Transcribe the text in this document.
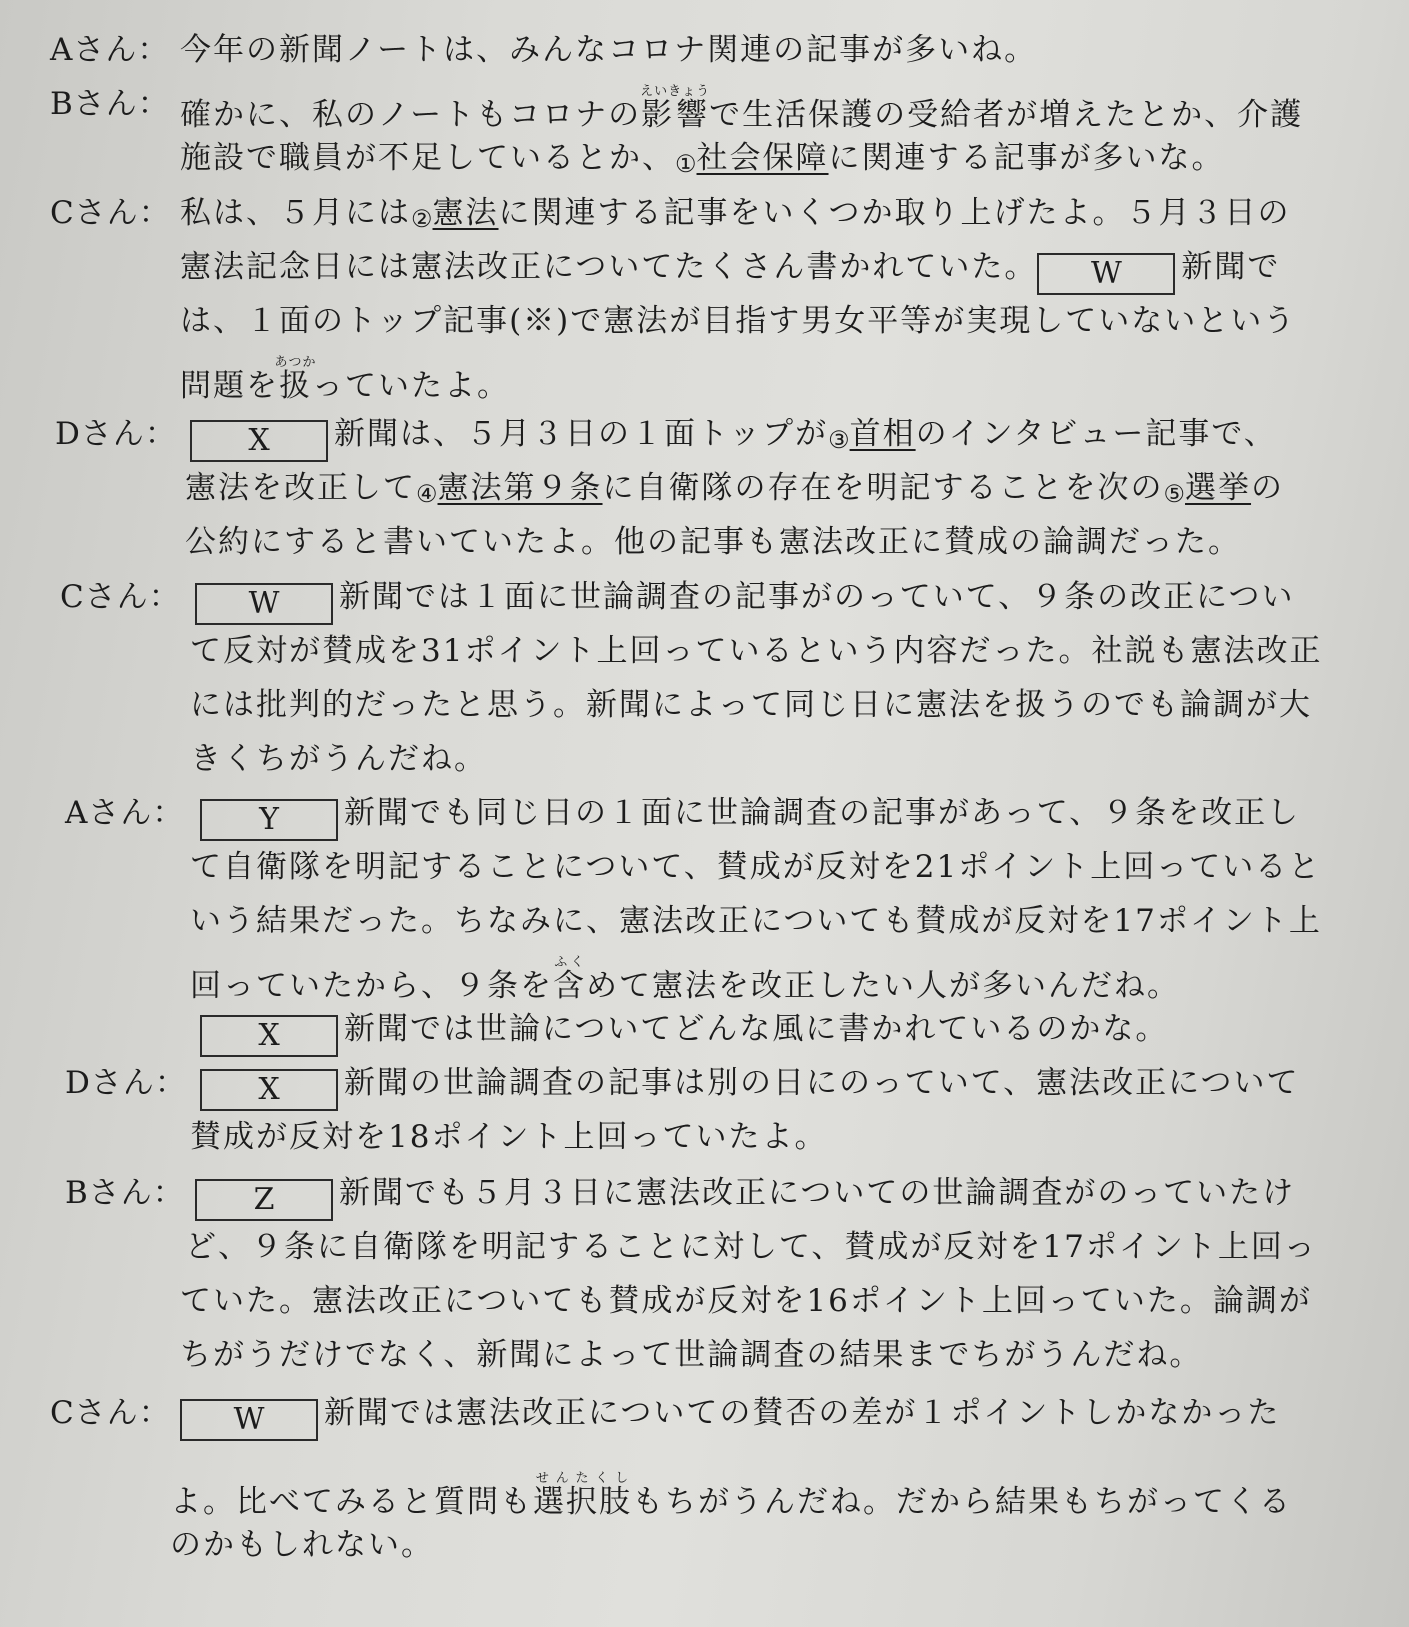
Aさん： 今年の新聞ノートは、みんなコロナ関連の記事が多いね。
Bさん： 確かに、私のノートもコロナの影響えいきょうで生活保護の受給者が増えたとか、介護
施設で職員が不足しているとか、①社会保障に関連する記事が多いな。
Cさん： 私は、５月には②憲法に関連する記事をいくつか取り上げたよ。５月３日の
憲法記念日には憲法改正についてたくさん書かれていた。 W 新聞で
は、１面のトップ記事(※)で憲法が目指す男女平等が実現していないという
問題を扱あつかっていたよ。
Dさん：	X 新聞は、５月３日の１面トップが③首相のインタビュー記事で、
憲法を改正して④憲法第９条に自衛隊の存在を明記することを次の⑤選挙の
公約にすると書いていたよ。他の記事も憲法改正に賛成の論調だった。
Cさん：	W 新聞では１面に世論調査の記事がのっていて、９条の改正につい
て反対が賛成を31ポイント上回っているという内容だった。社説も憲法改正
には批判的だったと思う。新聞によって同じ日に憲法を扱うのでも論調が大
きくちがうんだね。
Aさん：	Y 新聞でも同じ日の１面に世論調査の記事があって、９条を改正し
て自衛隊を明記することについて、賛成が反対を21ポイント上回っていると
いう結果だった。ちなみに、憲法改正についても賛成が反対を17ポイント上
回っていたから、９条を含ふくめて憲法を改正したい人が多いんだね。
X 新聞では世論についてどんな風に書かれているのかな。
Dさん：	X 新聞の世論調査の記事は別の日にのっていて、憲法改正について
賛成が反対を18ポイント上回っていたよ。
Bさん：	Z 新聞でも５月３日に憲法改正についての世論調査がのっていたけ
ど、９条に自衛隊を明記することに対して、賛成が反対を17ポイント上回っ
ていた。憲法改正についても賛成が反対を16ポイント上回っていた。論調が
ちがうだけでなく、新聞によって世論調査の結果までちがうんだね。
Cさん：	W 新聞では憲法改正についての賛否の差が１ポイントしかなかった
よ。比べてみると質問も選択肢せんたくしもちがうんだね。だから結果もちがってくる
のかもしれない。
